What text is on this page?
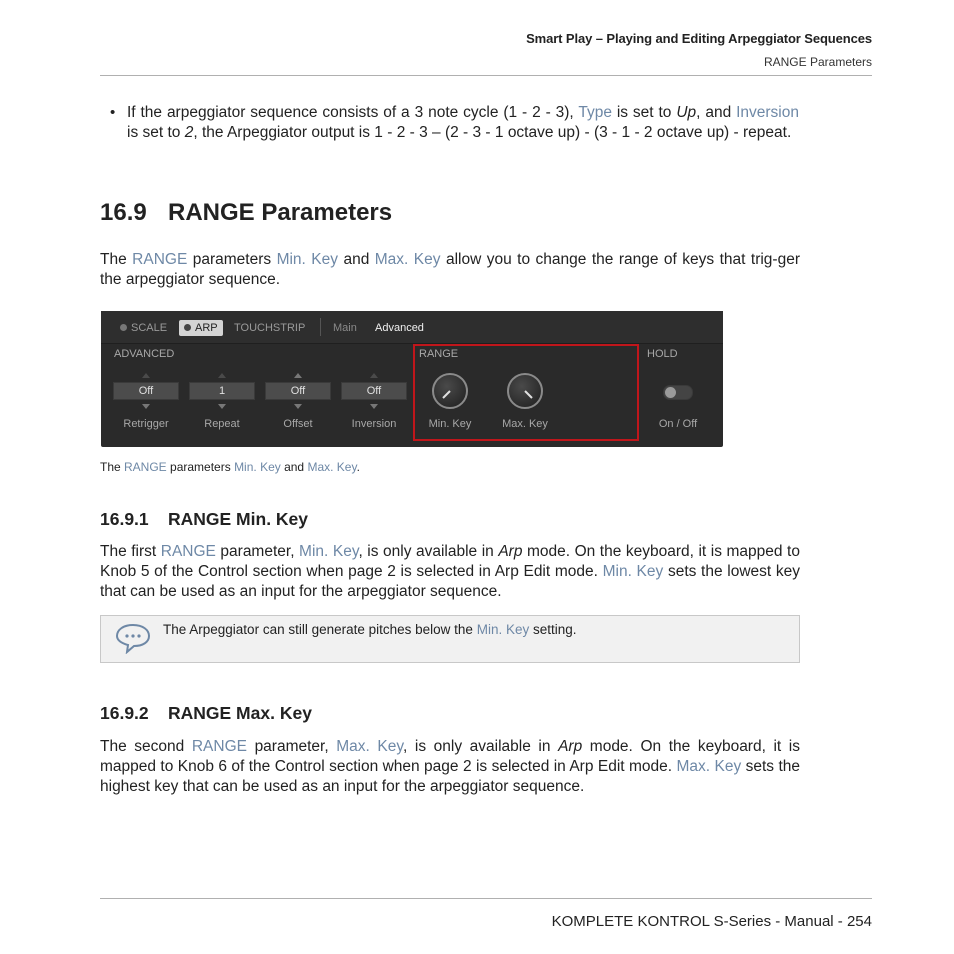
Smart Play – Playing and Editing Arpeggiator Sequences
RANGE Parameters
• If the arpeggiator sequence consists of a 3 note cycle (1 - 2 - 3), Type is set to Up, and Inversion is set to 2, the Arpeggiator output is 1 - 2 - 3 – (2 - 3 - 1 octave up) - (3 - 1 - 2 octave up) - repeat.
16.9 RANGE Parameters
The RANGE parameters Min. Key and Max. Key allow you to change the range of keys that trig-ger the arpeggiator sequence.
SCALE	ARP TOUCHSTRIP	Main Advanced
ADVANCED	RANGE	HOLD
Off
Retrigger
1
Repeat
Off
Offset
Off
Inversion	Min. Key	Max. Key	On / Off
The RANGE parameters Min. Key and Max. Key.
16.9.1 RANGE Min. Key
The first RANGE parameter, Min. Key, is only available in Arp mode. On the keyboard, it is mapped to Knob 5 of the Control section when page 2 is selected in Arp Edit mode. Min. Key sets the lowest key that can be used as an input for the arpeggiator sequence.
The Arpeggiator can still generate pitches below the Min. Key setting.
16.9.2 RANGE Max. Key
The second RANGE parameter, Max. Key, is only available in Arp mode. On the keyboard, it is mapped to Knob 6 of the Control section when page 2 is selected in Arp Edit mode. Max. Key sets the highest key that can be used as an input for the arpeggiator sequence.
KOMPLETE KONTROL S-Series - Manual - 254
